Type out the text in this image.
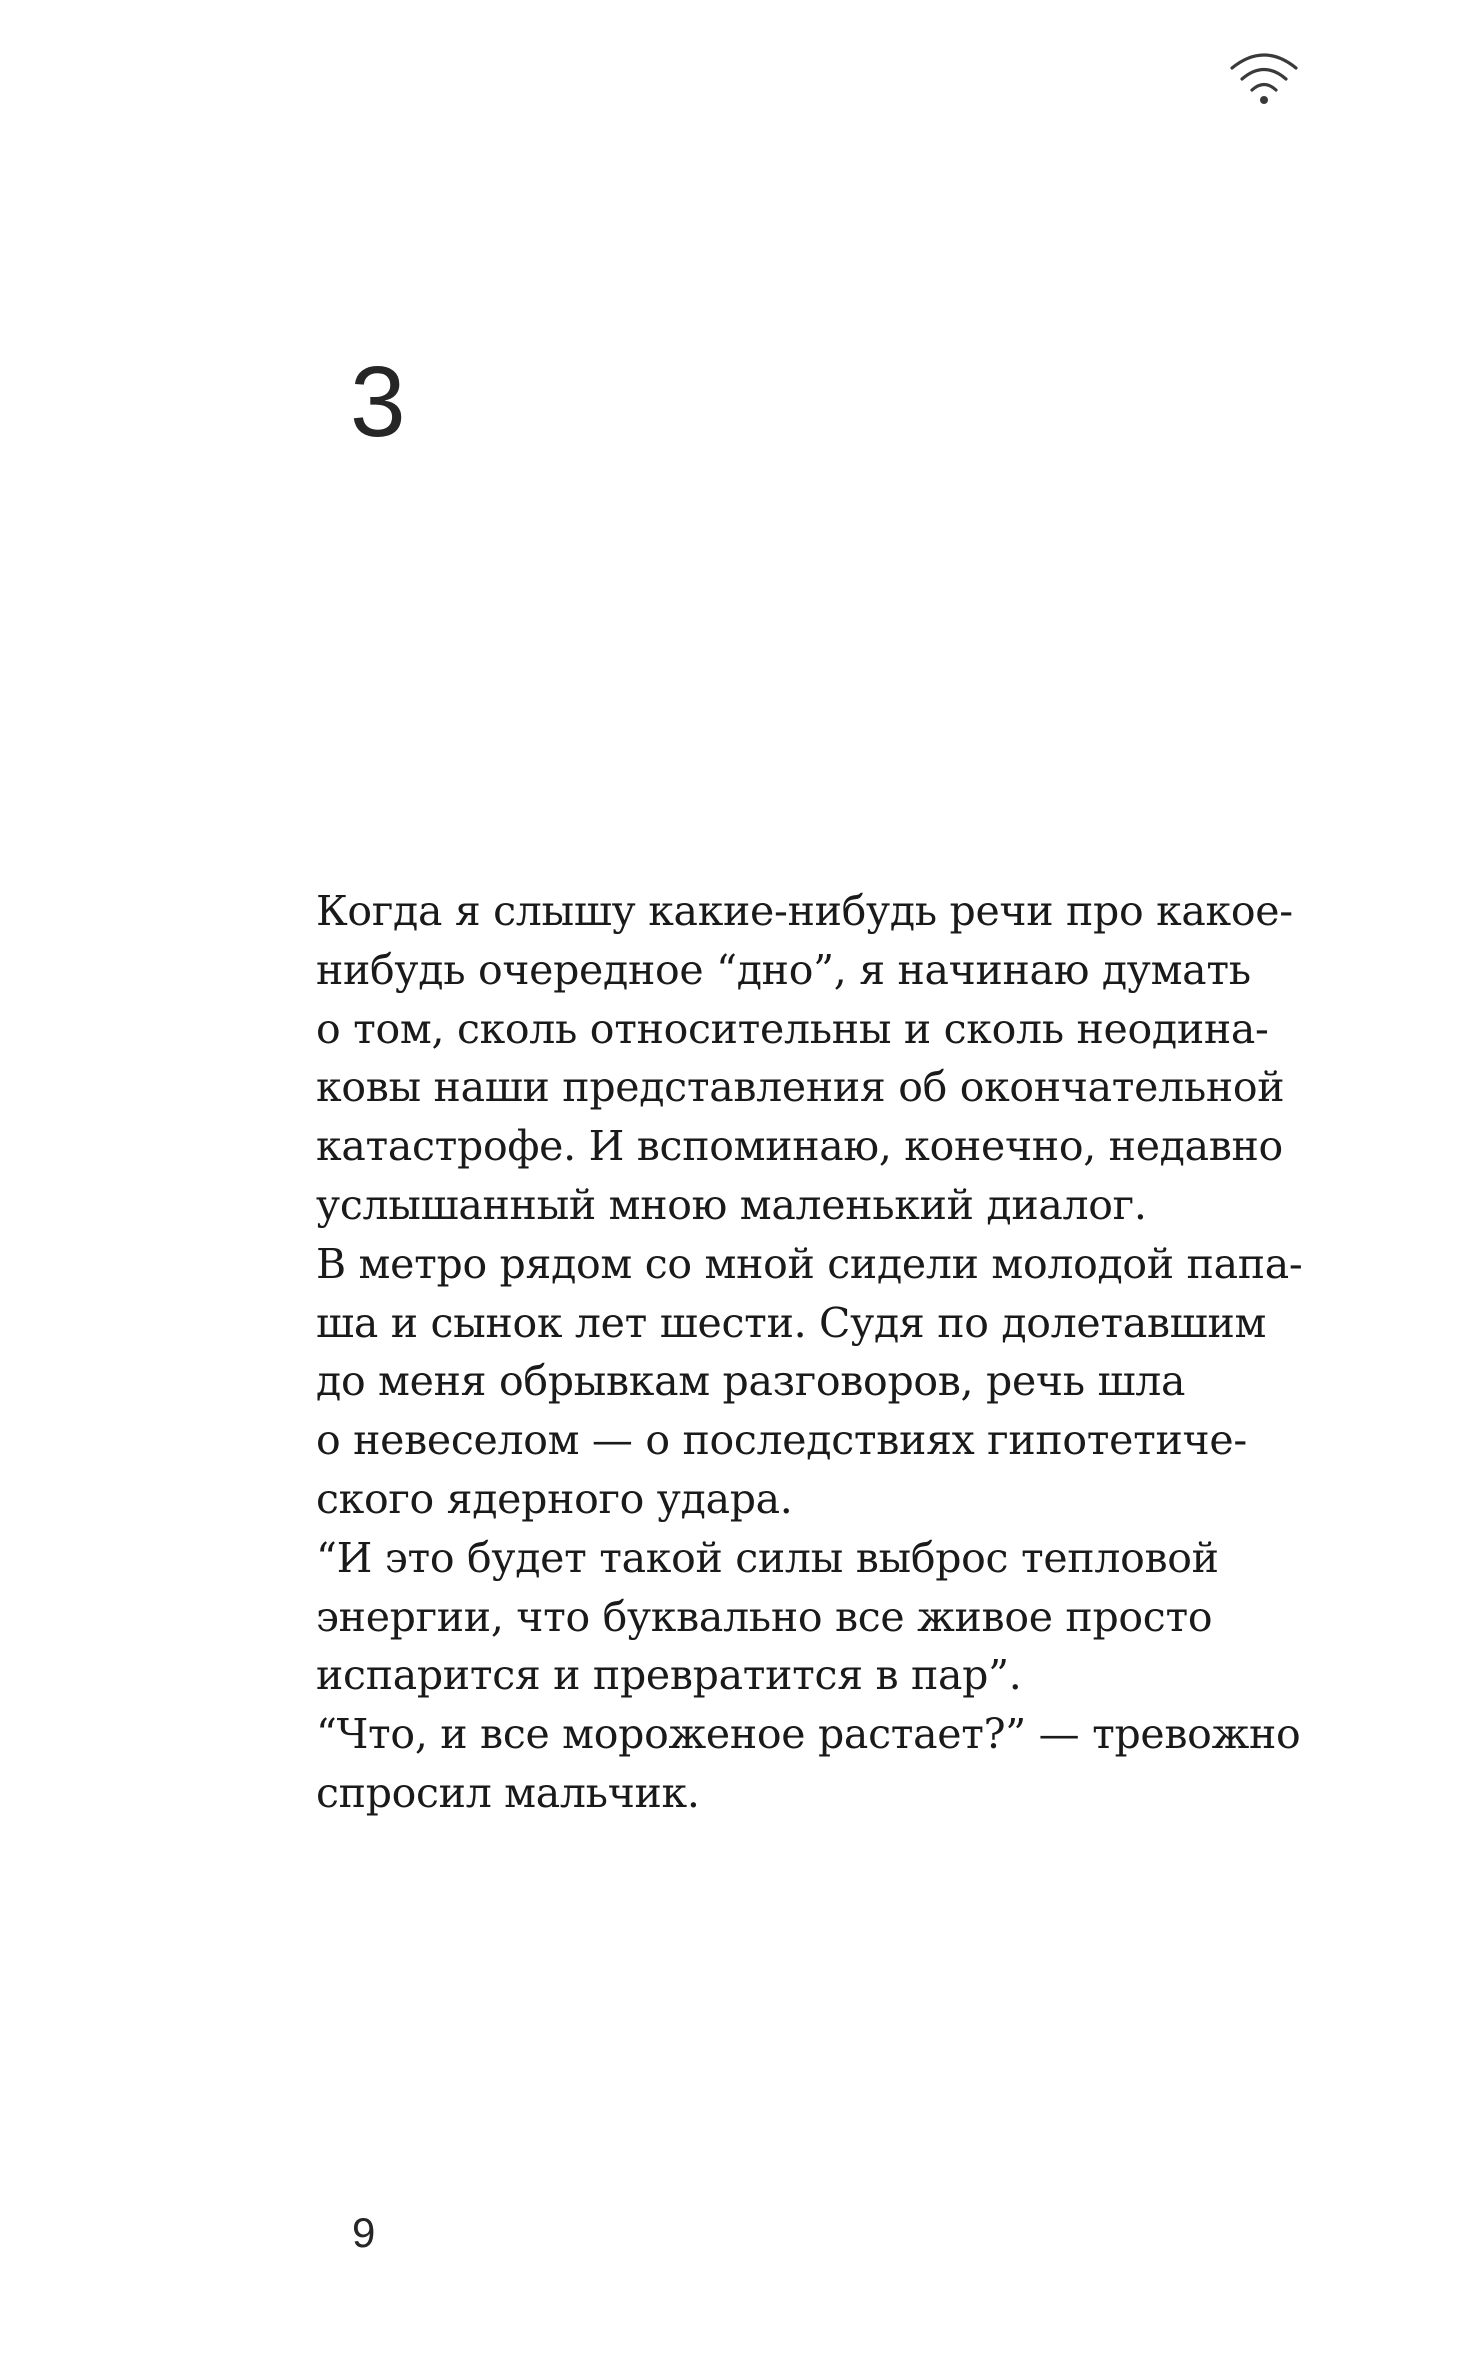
3

Когда я слышу какие-нибудь речи про какое-
нибудь очередное “дно”, я начинаю думать
о том, сколь относительны и сколь неодина-
ковы наши представления об окончательной
катастрофе. И вспоминаю, конечно, недавно
услышанный мною маленький диалог.

В метро рядом со мной сидели молодой папа-
ша и сынок лет шести. Судя по долетавшим
до меня обрывкам разговоров, речь шла
о невеселом — о последствиях гипотетиче-
ского ядерного удара.

“И это будет такой силы выброс тепловой
энергии, что буквально все живое просто
испарится и превратится в пар”.

“Что, и все мороженое растает?” — тревожно
спросил мальчик.

9
